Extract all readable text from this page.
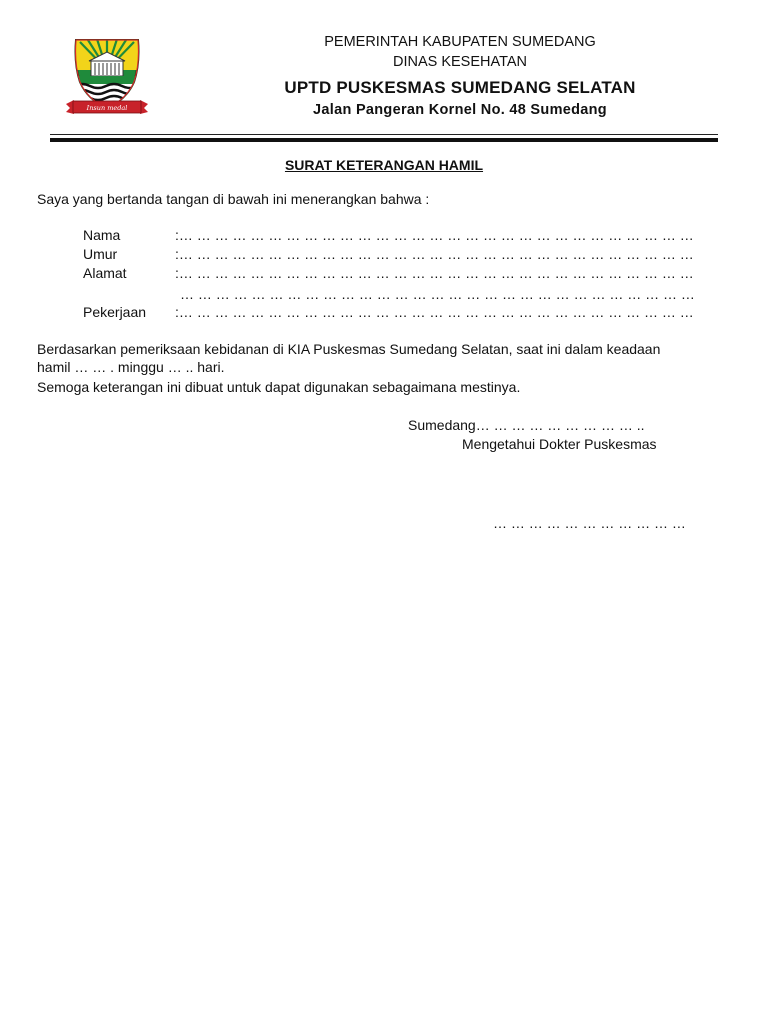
Insun medal
PEMERINTAH KABUPATEN SUMEDANG
DINAS KESEHATAN
UPTD PUSKESMAS SUMEDANG SELATAN
Jalan Pangeran Kornel No. 48 Sumedang
SURAT KETERANGAN HAMIL
Saya yang bertanda tangan di bawah ini menerangkan bahwa :
Nama	:… … … … … … … … … … … … … … … … … … … … … … … … … … … … …
Umur	:… … … … … … … … … … … … … … … … … … … … … … … … … … … … …
Alamat	:… … … … … … … … … … … … … … … … … … … … … … … … … … … … …
… … … … … … … … … … … … … … … … … … … … … … … … … … … … …
Pekerjaan :… … … … … … … … … … … … … … … … … … … … … … … … … … … … …
Berdasarkan pemeriksaan kebidanan di KIA Puskesmas Sumedang Selatan, saat ini dalam keadaan
hamil … … . minggu … .. hari.
Semoga keterangan ini dibuat untuk dapat digunakan sebagaimana mestinya.
Sumedang… … … … … … … … … ..
Mengetahui Dokter Puskesmas
… … … … … … … … … … …
